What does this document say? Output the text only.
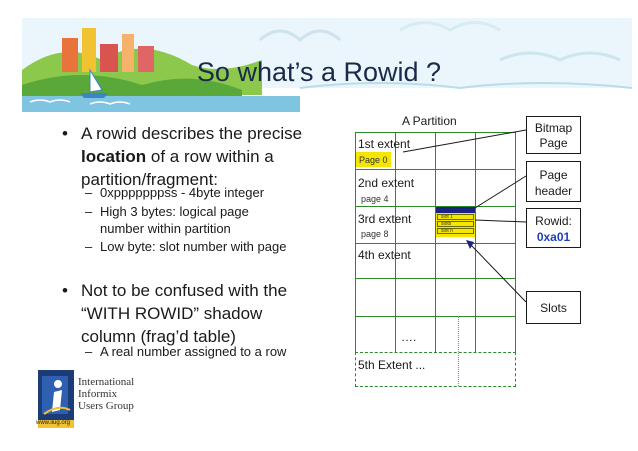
So what’s a Rowid ?
• A rowid describes the precise
location of a row within a
partition/fragment:
– 0xpppppppss - 4byte integer
– High 3 bytes: logical page
number within partition
– Low byte: slot number with page
• Not to be confused with the
“WITH ROWID” shadow
column (frag’d table)
– A real number assigned to a row
A Partition
1st extent
Page 0
2nd extent
page 4
3rd extent
page 8
slot 1
slots
slot n
4th extent
….
5th Extent ...
Bitmap
Page
Page
header
Rowid:
0xa01
Slots
www.iiug.org
International
Informix
Users Group
